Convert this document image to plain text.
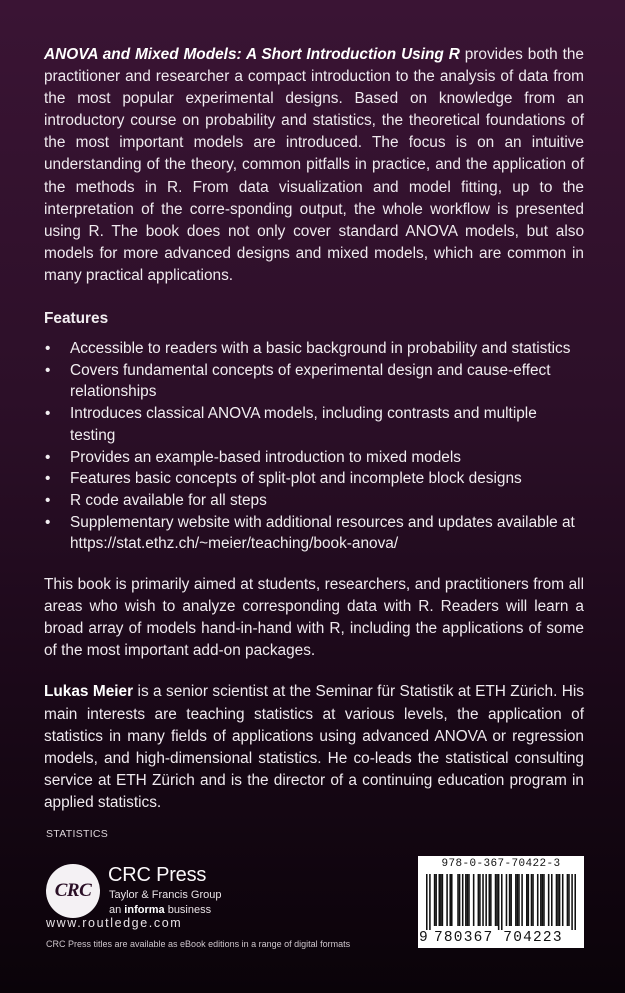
ANOVA and Mixed Models: A Short Introduction Using R provides both the practitioner and researcher a compact introduction to the analysis of data from the most popular experimental designs. Based on knowledge from an introductory course on probability and statistics, the theoretical foundations of the most important models are introduced. The focus is on an intuitive understanding of the theory, common pitfalls in practice, and the application of the methods in R. From data visualization and model fitting, up to the interpretation of the corre-sponding output, the whole workflow is presented using R. The book does not only cover standard ANOVA models, but also models for more advanced designs and mixed models, which are common in many practical applications.

Features
• Accessible to readers with a basic background in probability and statistics
• Covers fundamental concepts of experimental design and cause-effect relationships
• Introduces classical ANOVA models, including contrasts and multiple testing
• Provides an example-based introduction to mixed models
• Features basic concepts of split-plot and incomplete block designs
• R code available for all steps
• Supplementary website with additional resources and updates available at https://stat.ethz.ch/~meier/teaching/book-anova/

This book is primarily aimed at students, researchers, and practitioners from all areas who wish to analyze corresponding data with R. Readers will learn a broad array of models hand-in-hand with R, including the applications of some of the most important add-on packages.

Lukas Meier is a senior scientist at the Seminar für Statistik at ETH Zürich. His main interests are teaching statistics at various levels, the application of statistics in many fields of applications using advanced ANOVA or regression models, and high-dimensional statistics. He co-leads the statistical consulting service at ETH Zürich and is the director of a continuing education program in applied statistics.

STATISTICS
CRC
CRC Press
Taylor & Francis Group
an informa business
www.routledge.com
CRC Press titles are available as eBook editions in a range of digital formats
978-0-367-70422-3
9 780367 704223
